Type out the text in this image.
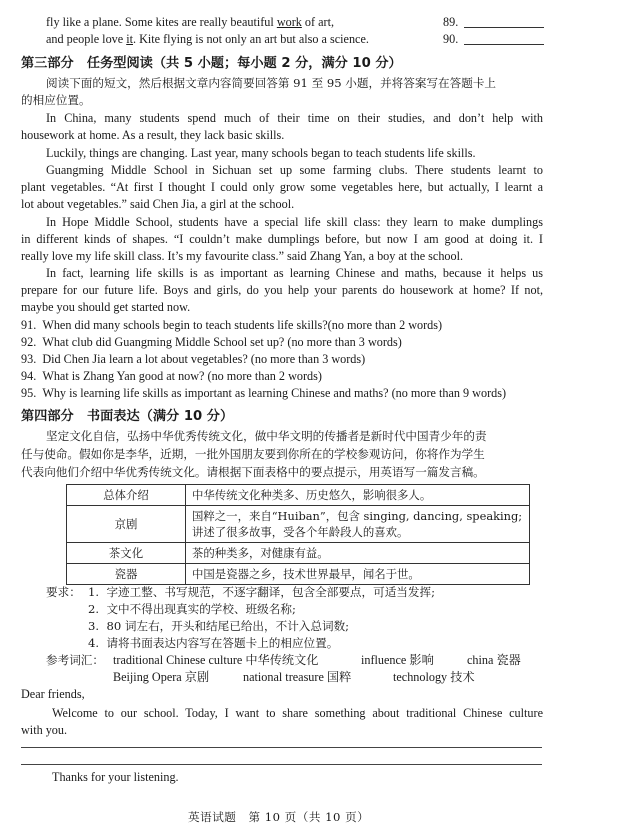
fly like a plane. Some kites are really beautiful work of art,	89.
and people love it. Kite flying is not only an art but also a science.	90.
第三部分　任务型阅读（共 5 小题；每小题 2 分，满分 10 分）
阅读下面的短文，然后根据文章内容简要回答第 91 至 95 小题，并将答案写在答题卡上
的相应位置。
In China, many students spend much of their time on their studies, and don’t help with
housework at home. As a result, they lack basic skills.
Luckily, things are changing. Last year, many schools began to teach students life skills.
Guangming Middle School in Sichuan set up some farming clubs. There students learnt to
plant vegetables. “At first I thought I could only grow some vegetables here, but actually, I learnt a
lot about vegetables.” said Chen Jia, a girl at the school.
In Hope Middle School, students have a special life skill class: they learn to make dumplings
in different kinds of shapes. “I couldn’t make dumplings before, but now I am good at doing it. I
really love my life skill class. It’s my favourite class.” said Zhang Yan, a boy at the school.
In fact, learning life skills is as important as learning Chinese and maths, because it helps us
prepare for our future life. Boys and girls, do you help your parents do housework at home? If not,
maybe you should get started now.
91. When did many schools begin to teach students life skills?(no more than 2 words)
92. What club did Guangming Middle School set up? (no more than 3 words)
93. Did Chen Jia learn a lot about vegetables? (no more than 3 words)
94. What is Zhang Yan good at now? (no more than 2 words)
95. Why is learning life skills as important as learning Chinese and maths? (no more than 9 words)
第四部分　书面表达（满分 10 分）
坚定文化自信，弘扬中华优秀传统文化，做中华文明的传播者是新时代中国青少年的责
任与使命。假如你是李华，近期，一批外国朋友要到你所在的学校参观访问，你将作为学生
代表向他们介绍中华优秀传统文化。请根据下面表格中的要点提示，用英语写一篇发言稿。
总体介绍	中华传统文化种类多、历史悠久，影响很多人。
京剧	国粹之一，来自“Huiban”，包含 singing, dancing, speaking;
讲述了很多故事，受各个年龄段人的喜欢。

茶文化	茶的种类多，对健康有益。
瓷器	中国是瓷器之乡，技术世界最早，闻名于世。
要求： 1. 字迹工整、书写规范，不逐字翻译，包含全部要点，可适当发挥;
2. 文中不得出现真实的学校、班级名称;
3. 80 词左右，开头和结尾已给出，不计入总词数;
4. 请将书面表达内容写在答题卡上的相应位置。
参考词汇： traditional Chinese culture 中华传统文化	influence 影响	china 瓷器
Beijing Opera 京剧	national treasure 国粹	technology 技术
Dear friends,
Welcome to our school. Today, I want to share something about traditional Chinese culture
with you.
Thanks for your listening.
英语试题　第 10 页（共 10 页）
